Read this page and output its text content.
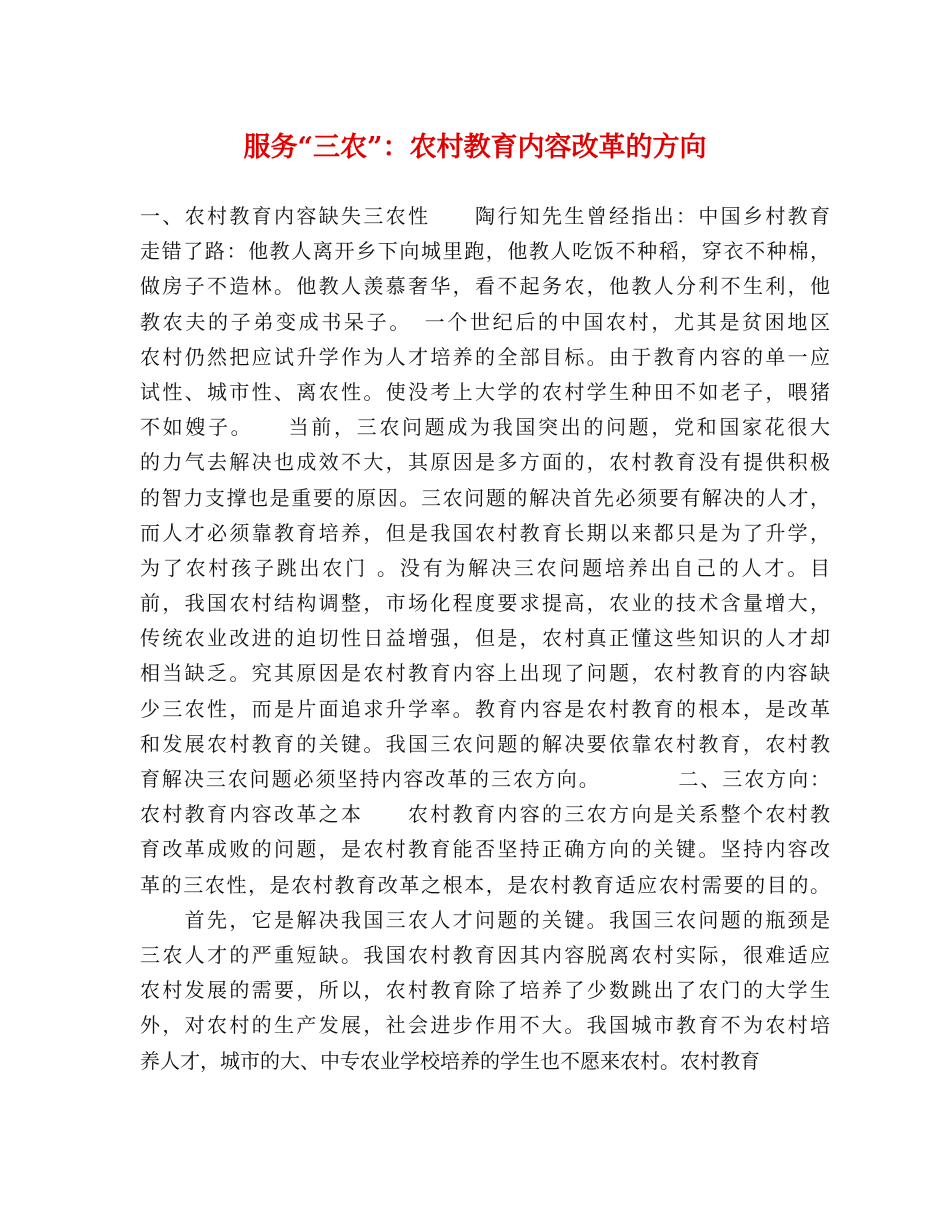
服务“三农”：农村教育内容改革的方向
一、农村教育内容缺失三农性　　陶行知先生曾经指出：中国乡村教育
走错了路：他教人离开乡下向城里跑，他教人吃饭不种稻，穿衣不种棉，
做房子不造林。他教人羡慕奢华，看不起务农，他教人分利不生利，他
教农夫的子弟变成书呆子。　一个世纪后的中国农村，尤其是贫困地区
农村仍然把应试升学作为人才培养的全部目标。由于教育内容的单一应
试性、城市性、离农性。使没考上大学的农村学生种田不如老子，喂猪
不如嫂子。　　当前，三农问题成为我国突出的问题，党和国家花很大
的力气去解决也成效不大，其原因是多方面的，农村教育没有提供积极
的智力支撑也是重要的原因。三农问题的解决首先必须要有解决的人才，
而人才必须靠教育培养，但是我国农村教育长期以来都只是为了升学，
为了农村孩子跳出农门 。没有为解决三农问题培养出自己的人才。目
前，我国农村结构调整，市场化程度要求提高，农业的技术含量增大，
传统农业改进的迫切性日益增强，但是，农村真正懂这些知识的人才却
相当缺乏。究其原因是农村教育内容上出现了问题，农村教育的内容缺
少三农性，而是片面追求升学率。教育内容是农村教育的根本，是改革
和发展农村教育的关键。我国三农问题的解决要依靠农村教育，农村教
育解决三农问题必须坚持内容改革的三农方向。　　　　二、三农方向：
农村教育内容改革之本　　农村教育内容的三农方向是关系整个农村教
育改革成败的问题，是农村教育能否坚持正确方向的关键。坚持内容改
革的三农性，是农村教育改革之根本，是农村教育适应农村需要的目的。
　　首先，它是解决我国三农人才问题的关键。我国三农问题的瓶颈是
三农人才的严重短缺。我国农村教育因其内容脱离农村实际，很难适应
农村发展的需要，所以，农村教育除了培养了少数跳出了农门的大学生
外，对农村的生产发展，社会进步作用不大。我国城市教育不为农村培
养人才，城市的大、中专农业学校培养的学生也不愿来农村。农村教育
